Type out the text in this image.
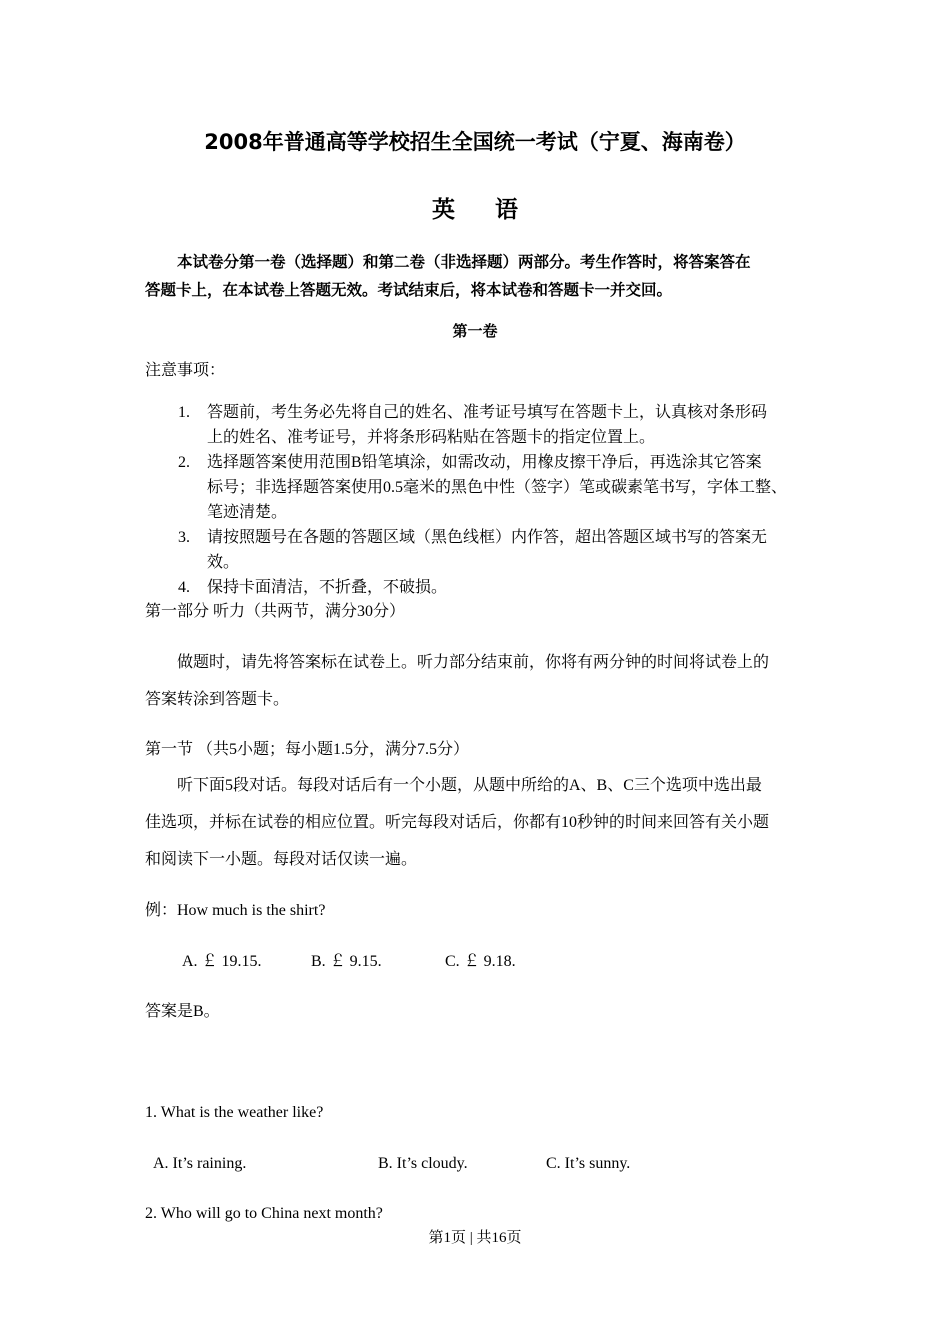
2008年普通高等学校招生全国统一考试（宁夏、海南卷）
英语
本试卷分第一卷（选择题）和第二卷（非选择题）两部分。考生作答时，将答案答在
答题卡上，在本试卷上答题无效。考试结束后，将本试卷和答题卡一并交回。
第一卷
注意事项：
1. 答题前，考生务必先将自己的姓名、准考证号填写在答题卡上，认真核对条形码
上的姓名、准考证号，并将条形码粘贴在答题卡的指定位置上。
2. 选择题答案使用范围B铅笔填涂，如需改动，用橡皮擦干净后，再选涂其它答案
标号；非选择题答案使用0.5毫米的黑色中性（签字）笔或碳素笔书写，字体工整、
笔迹清楚。
3. 请按照题号在各题的答题区域（黑色线框）内作答，超出答题区域书写的答案无
效。
4. 保持卡面清洁，不折叠，不破损。
第一部分 听力（共两节，满分30分）
做题时，请先将答案标在试卷上。听力部分结束前，你将有两分钟的时间将试卷上的
答案转涂到答题卡。
第一节 （共5小题；每小题1.5分，满分7.5分）
听下面5段对话。每段对话后有一个小题，从题中所给的A、B、C三个选项中选出最
佳选项，并标在试卷的相应位置。听完每段对话后，你都有10秒钟的时间来回答有关小题
和阅读下一小题。每段对话仅读一遍。
例：How much is the shirt?
A. ￡ 19.15.	B. ￡ 9.15.	C. ￡ 9.18.
答案是B。
1. What is the weather like?
A. It’s raining.	B. It’s cloudy.	C. It’s sunny.
2. Who will go to China next month?
第1页 | 共16页
